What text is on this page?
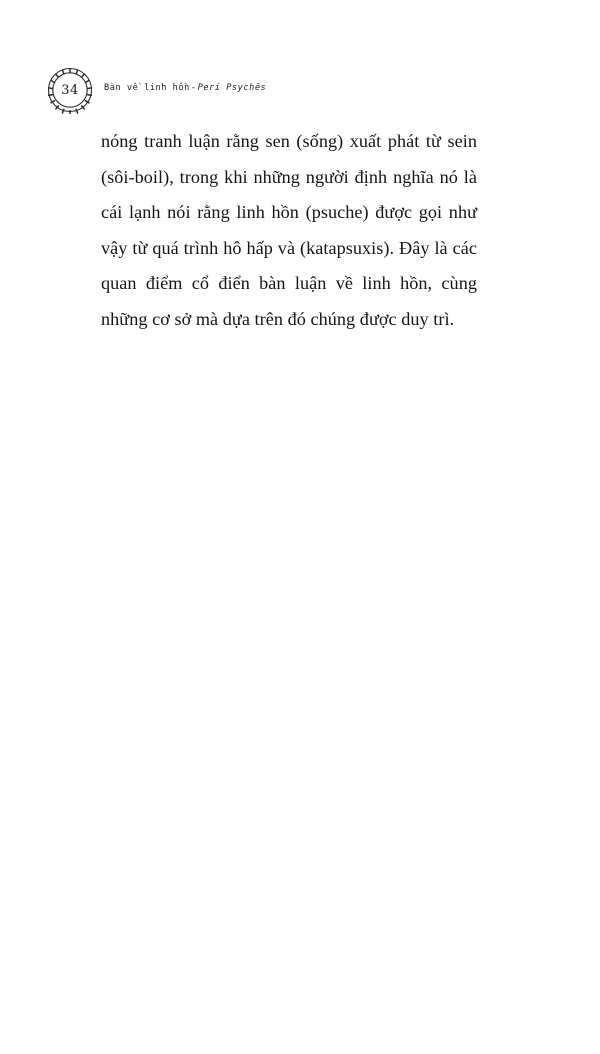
34	Bàn về linh hồn-Peri Psychēs

nóng tranh luận rằng sen (sống) xuất phát từ sein (sôi-boil), trong khi những người định nghĩa nó là cái lạnh nói rằng linh hồn (psuche) được gọi như vậy từ quá trình hô hấp và (katapsuxis). Đây là các quan điểm cổ điển bàn luận về linh hồn, cùng những cơ sở mà dựa trên đó chúng được duy trì.
